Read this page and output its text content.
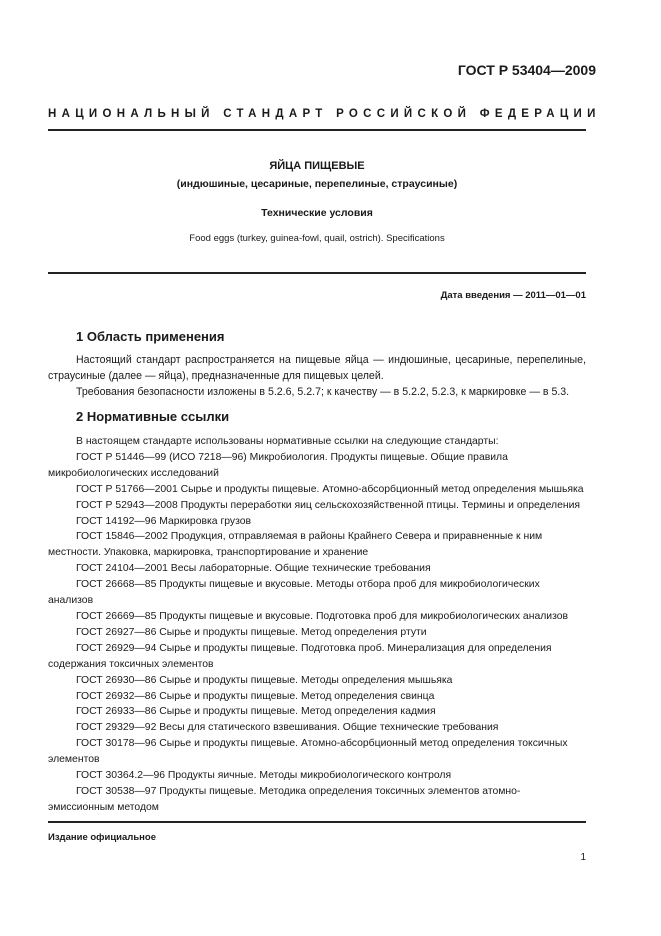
ГОСТ Р 53404—2009
НАЦИОНАЛЬНЫЙ СТАНДАРТ РОССИЙСКОЙ ФЕДЕРАЦИИ
ЯЙЦА ПИЩЕВЫЕ
(индюшиные, цесариные, перепелиные, страусиные)
Технические условия
Food eggs (turkey, guinea-fowl, quail, ostrich). Specifications
Дата введения — 2011—01—01
1 Область применения
Настоящий стандарт распространяется на пищевые яйца — индюшиные, цесариные, перепелиные, страусиные (далее — яйца), предназначенные для пищевых целей.
Требования безопасности изложены в 5.2.6, 5.2.7; к качеству — в 5.2.2, 5.2.3, к маркировке — в 5.3.
2 Нормативные ссылки
В настоящем стандарте использованы нормативные ссылки на следующие стандарты:
ГОСТ Р 51446—99 (ИСО 7218—96) Микробиология. Продукты пищевые. Общие правила микробиологических исследований
ГОСТ Р 51766—2001 Сырье и продукты пищевые. Атомно-абсорбционный метод определения мышьяка
ГОСТ Р 52943—2008 Продукты переработки яиц сельскохозяйственной птицы. Термины и определения
ГОСТ 14192—96 Маркировка грузов
ГОСТ 15846—2002 Продукция, отправляемая в районы Крайнего Севера и приравненные к ним местности. Упаковка, маркировка, транспортирование и хранение
ГОСТ 24104—2001 Весы лабораторные. Общие технические требования
ГОСТ 26668—85 Продукты пищевые и вкусовые. Методы отбора проб для микробиологических анализов
ГОСТ 26669—85 Продукты пищевые и вкусовые. Подготовка проб для микробиологических анализов
ГОСТ 26927—86 Сырье и продукты пищевые. Метод определения ртути
ГОСТ 26929—94 Сырье и продукты пищевые. Подготовка проб. Минерализация для определения содержания токсичных элементов
ГОСТ 26930—86 Сырье и продукты пищевые. Методы определения мышьяка
ГОСТ 26932—86 Сырье и продукты пищевые. Метод определения свинца
ГОСТ 26933—86 Сырье и продукты пищевые. Метод определения кадмия
ГОСТ 29329—92 Весы для статического взвешивания. Общие технические требования
ГОСТ 30178—96 Сырье и продукты пищевые. Атомно-абсорбционный метод определения токсичных элементов
ГОСТ 30364.2—96 Продукты яичные. Методы микробиологического контроля
ГОСТ 30538—97 Продукты пищевые. Методика определения токсичных элементов атомно-эмиссионным методом
Издание официальное
1
